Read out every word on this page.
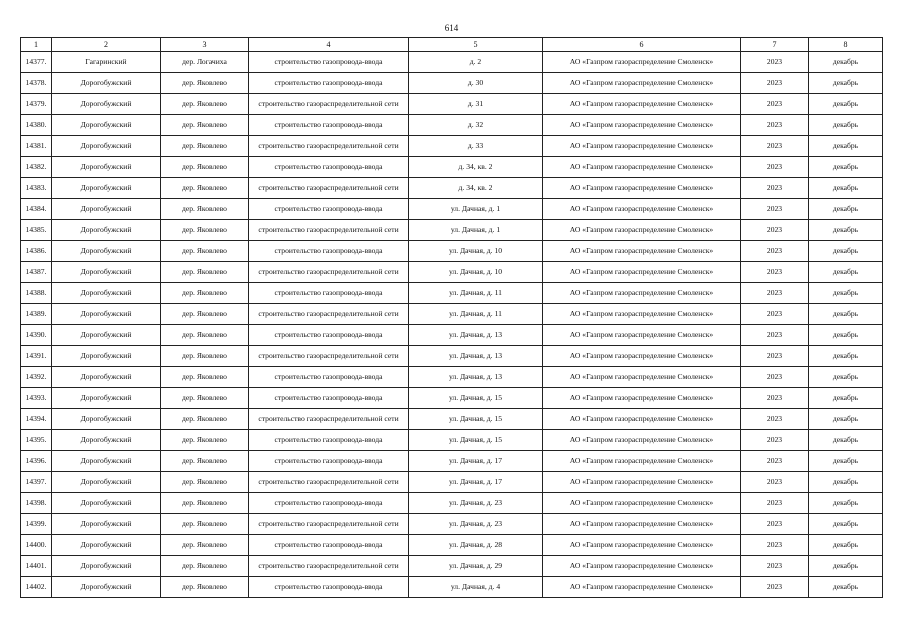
614
1	2	3	4	5	6	7	8
14377.	Гагаринский	дер. Логачиха	строительство газопровода-ввода	д. 2	АО «Газпром газораспределение Смоленск»	2023	декабрь
14378.	Дорогобужский	дер. Яковлево	строительство газопровода-ввода	д. 30	АО «Газпром газораспределение Смоленск»	2023	декабрь
14379.	Дорогобужский	дер. Яковлево	строительство газораспределительной сети	д. 31	АО «Газпром газораспределение Смоленск»	2023	декабрь
14380.	Дорогобужский	дер. Яковлево	строительство газопровода-ввода	д. 32	АО «Газпром газораспределение Смоленск»	2023	декабрь
14381.	Дорогобужский	дер. Яковлево	строительство газораспределительной сети	д. 33	АО «Газпром газораспределение Смоленск»	2023	декабрь
14382.	Дорогобужский	дер. Яковлево	строительство газопровода-ввода	д. 34, кв. 2	АО «Газпром газораспределение Смоленск»	2023	декабрь
14383.	Дорогобужский	дер. Яковлево	строительство газораспределительной сети	д. 34, кв. 2	АО «Газпром газораспределение Смоленск»	2023	декабрь
14384.	Дорогобужский	дер. Яковлево	строительство газопровода-ввода	ул. Дачная, д. 1	АО «Газпром газораспределение Смоленск»	2023	декабрь
14385.	Дорогобужский	дер. Яковлево	строительство газораспределительной сети	ул. Дачная, д. 1	АО «Газпром газораспределение Смоленск»	2023	декабрь
14386.	Дорогобужский	дер. Яковлево	строительство газопровода-ввода	ул. Дачная, д. 10	АО «Газпром газораспределение Смоленск»	2023	декабрь
14387.	Дорогобужский	дер. Яковлево	строительство газораспределительной сети	ул. Дачная, д. 10	АО «Газпром газораспределение Смоленск»	2023	декабрь
14388.	Дорогобужский	дер. Яковлево	строительство газопровода-ввода	ул. Дачная, д. 11	АО «Газпром газораспределение Смоленск»	2023	декабрь
14389.	Дорогобужский	дер. Яковлево	строительство газораспределительной сети	ул. Дачная, д. 11	АО «Газпром газораспределение Смоленск»	2023	декабрь
14390.	Дорогобужский	дер. Яковлево	строительство газопровода-ввода	ул. Дачная, д. 13	АО «Газпром газораспределение Смоленск»	2023	декабрь
14391.	Дорогобужский	дер. Яковлево	строительство газораспределительной сети	ул. Дачная, д. 13	АО «Газпром газораспределение Смоленск»	2023	декабрь
14392.	Дорогобужский	дер. Яковлево	строительство газопровода-ввода	ул. Дачная, д. 13	АО «Газпром газораспределение Смоленск»	2023	декабрь
14393.	Дорогобужский	дер. Яковлево	строительство газопровода-ввода	ул. Дачная, д. 15	АО «Газпром газораспределение Смоленск»	2023	декабрь
14394.	Дорогобужский	дер. Яковлево	строительство газораспределительной сети	ул. Дачная, д. 15	АО «Газпром газораспределение Смоленск»	2023	декабрь
14395.	Дорогобужский	дер. Яковлево	строительство газопровода-ввода	ул. Дачная, д. 15	АО «Газпром газораспределение Смоленск»	2023	декабрь
14396.	Дорогобужский	дер. Яковлево	строительство газопровода-ввода	ул. Дачная, д. 17	АО «Газпром газораспределение Смоленск»	2023	декабрь
14397.	Дорогобужский	дер. Яковлево	строительство газораспределительной сети	ул. Дачная, д. 17	АО «Газпром газораспределение Смоленск»	2023	декабрь
14398.	Дорогобужский	дер. Яковлево	строительство газопровода-ввода	ул. Дачная, д. 23	АО «Газпром газораспределение Смоленск»	2023	декабрь
14399.	Дорогобужский	дер. Яковлево	строительство газораспределительной сети	ул. Дачная, д. 23	АО «Газпром газораспределение Смоленск»	2023	декабрь
14400.	Дорогобужский	дер. Яковлево	строительство газопровода-ввода	ул. Дачная, д. 28	АО «Газпром газораспределение Смоленск»	2023	декабрь
14401.	Дорогобужский	дер. Яковлево	строительство газораспределительной сети	ул. Дачная, д. 29	АО «Газпром газораспределение Смоленск»	2023	декабрь
14402.	Дорогобужский	дер. Яковлево	строительство газопровода-ввода	ул. Дачная, д. 4	АО «Газпром газораспределение Смоленск»	2023	декабрь
